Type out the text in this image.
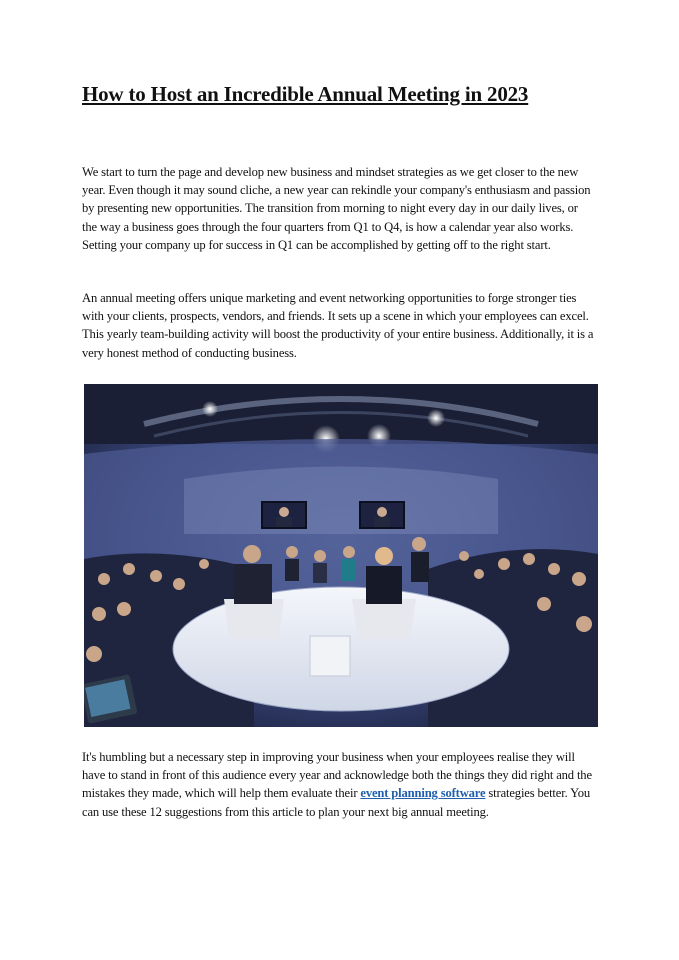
How to Host an Incredible Annual Meeting in 2023

We start to turn the page and develop new business and mindset strategies as we get closer to the new year. Even though it may sound cliche, a new year can rekindle your company's enthusiasm and passion by presenting new opportunities. The transition from morning to night every day in our daily lives, or the way a business goes through the four quarters from Q1 to Q4, is how a calendar year also works. Setting your company up for success in Q1 can be accomplished by getting off to the right start.

An annual meeting offers unique marketing and event networking opportunities to forge stronger ties with your clients, prospects, vendors, and friends. It sets up a scene in which your employees can excel. This yearly team-building activity will boost the productivity of your entire business. Additionally, it is a very honest method of conducting business.

It's humbling but a necessary step in improving your business when your employees realise they will have to stand in front of this audience every year and acknowledge both the things they did right and the mistakes they made, which will help them evaluate their event planning software strategies better. You can use these 12 suggestions from this article to plan your next big annual meeting.
